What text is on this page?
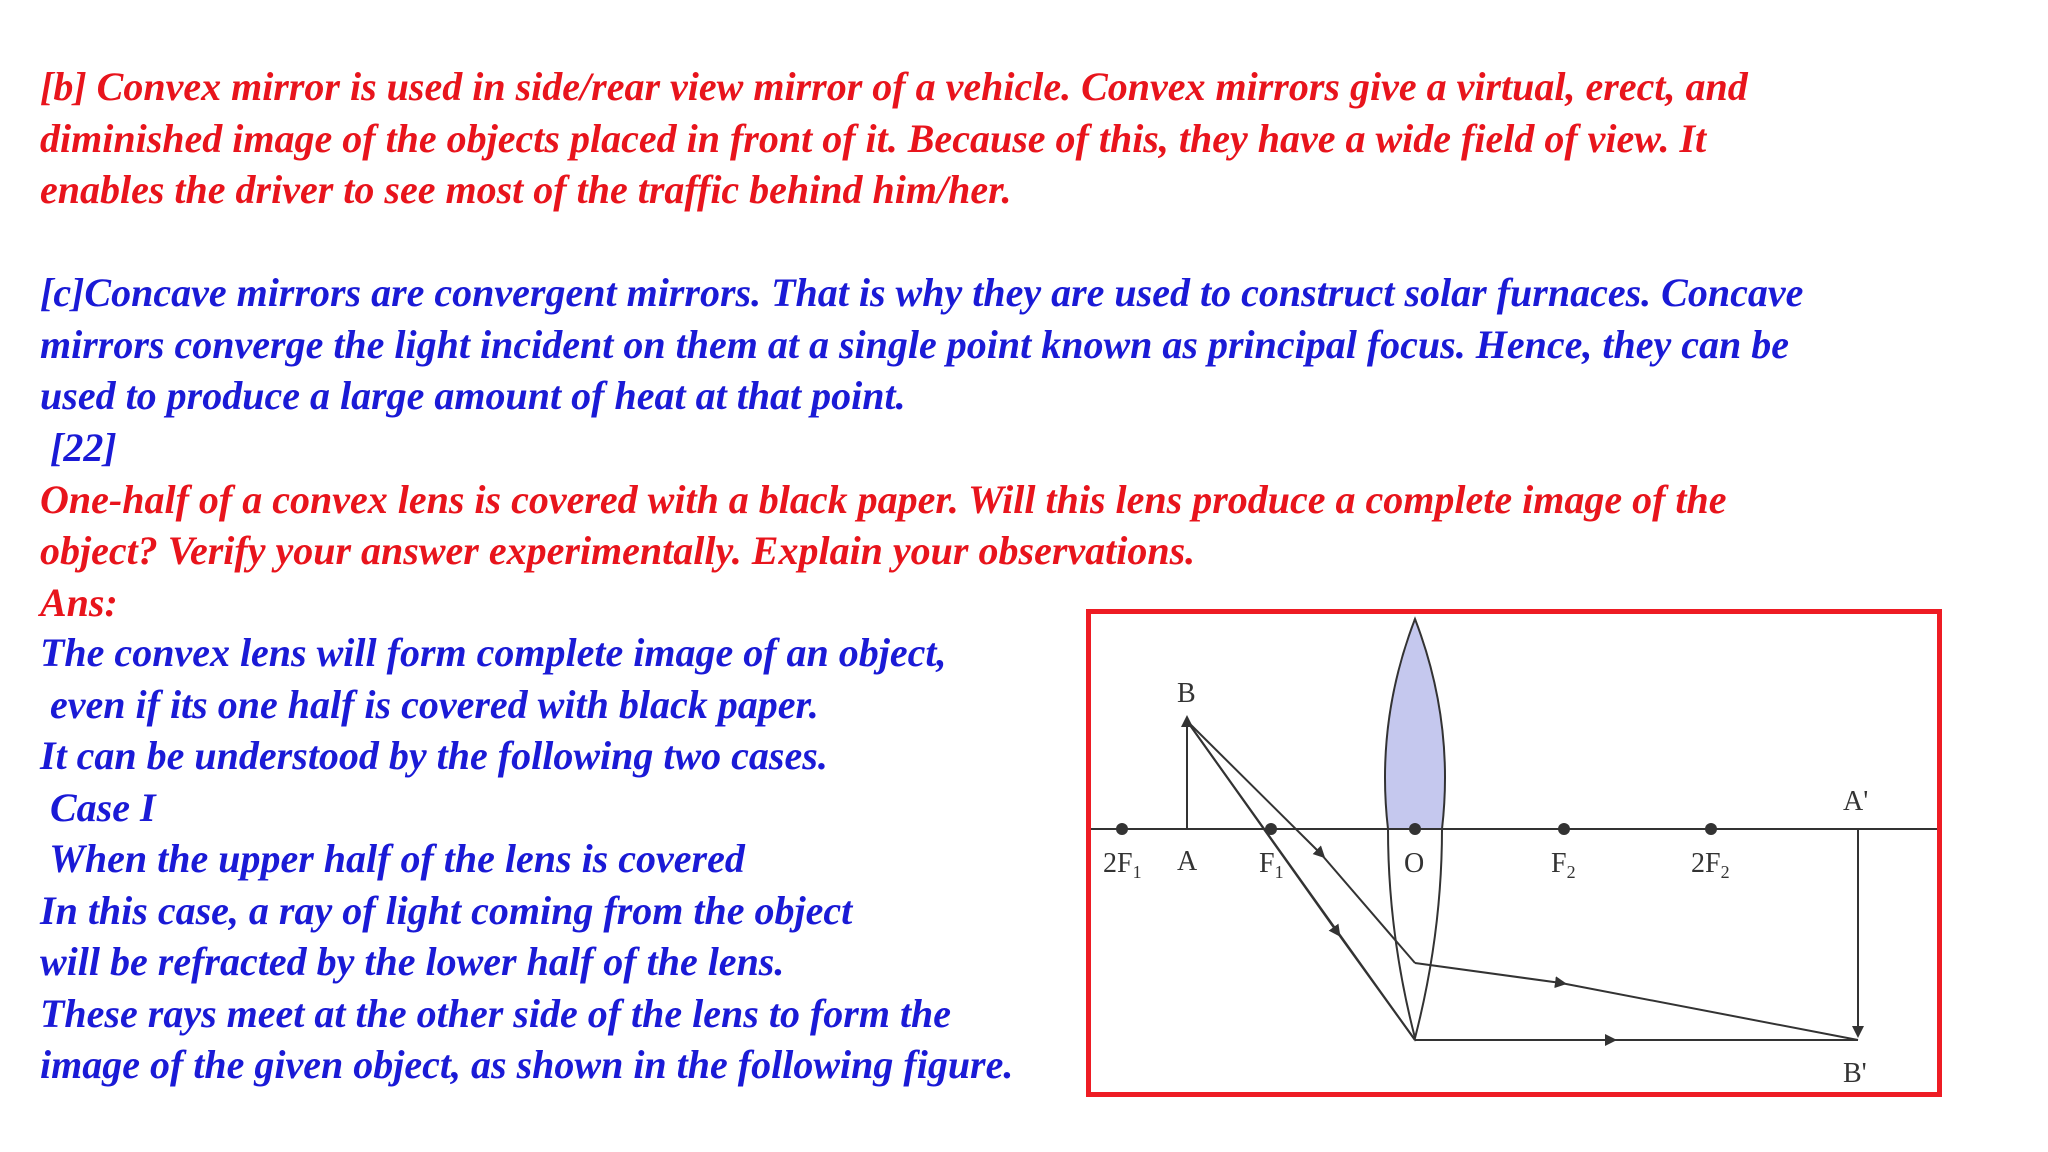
[b] Convex mirror is used in side/rear view mirror of a vehicle. Convex mirrors give a virtual, erect, and
diminished image of the objects placed in front of it. Because of this, they have a wide field of view. It
enables the driver to see most of the traffic behind him/her.
[c]Concave mirrors are convergent mirrors. That is why they are used to construct solar furnaces. Concave
mirrors converge the light incident on them at a single point known as principal focus. Hence, they can be
used to produce a large amount of heat at that point.
[22]
One-half of a convex lens is covered with a black paper. Will this lens produce a complete image of the
object? Verify your answer experimentally. Explain your observations.
Ans:
The convex lens will form complete image of an object,
even if its one half is covered with black paper.
It can be understood by the following two cases.
Case I
When the upper half of the lens is covered
In this case, a ray of light coming from the object
will be refracted by the lower half of the lens.
These rays meet at the other side of the lens to form the
image of the given object, as shown in the following figure.
B
A
$2F_1$	$F_1$	O	$F_2$	$2F_2$
A'
B'
